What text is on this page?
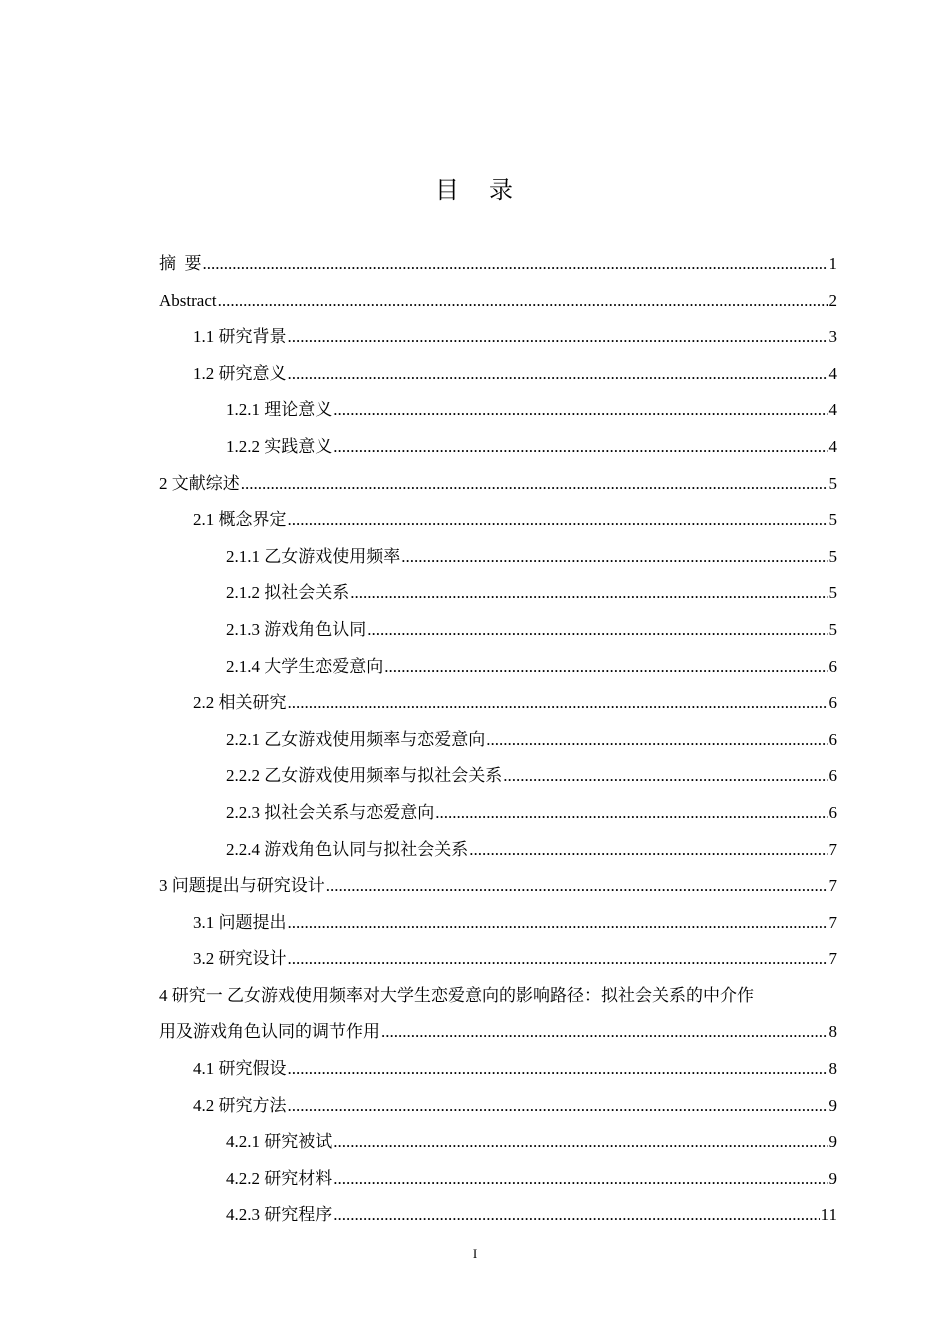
目 录
摘  要 .....	1
Abstract .....	2
1.1 研究背景 .....	3
1.2 研究意义 .....	4
1.2.1 理论意义 .....	4
1.2.2 实践意义 .....	4
2 文献综述 .....	5
2.1 概念界定 .....	5
2.1.1 乙女游戏使用频率 .....	5
2.1.2 拟社会关系 .....	5
2.1.3 游戏角色认同 .....	5
2.1.4 大学生恋爱意向 .....	6
2.2 相关研究 .....	6
2.2.1 乙女游戏使用频率与恋爱意向 .....	6
2.2.2 乙女游戏使用频率与拟社会关系 .....	6
2.2.3 拟社会关系与恋爱意向 .....	6
2.2.4 游戏角色认同与拟社会关系 .....	7
3 问题提出与研究设计 .....	7
3.1 问题提出 .....	7
3.2 研究设计 .....	7
4 研究一 乙女游戏使用频率对大学生恋爱意向的影响路径：拟社会关系的中介作
用及游戏角色认同的调节作用 .....	8
4.1 研究假设 .....	8
4.2 研究方法 .....	9
4.2.1 研究被试 .....	9
4.2.2 研究材料 .....	9
4.2.3 研究程序 .....	11
I
